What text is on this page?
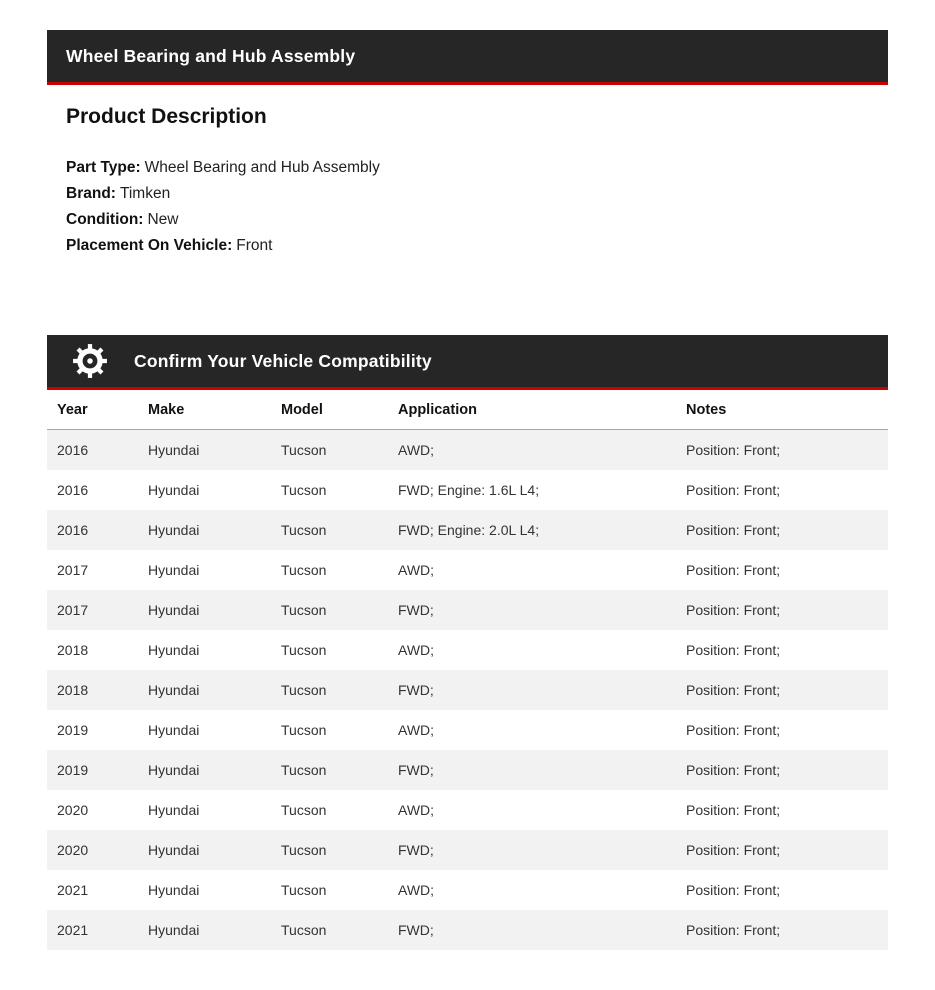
Wheel Bearing and Hub Assembly
Product Description

Part Type: Wheel Bearing and Hub Assembly

Brand: Timken

Condition: New

Placement On Vehicle: Front

Confirm Your Vehicle Compatibility
Year	Make	Model	Application	Notes
2016	Hyundai	Tucson	AWD;	Position: Front;
2016	Hyundai	Tucson	FWD; Engine: 1.6L L4;	Position: Front;
2016	Hyundai	Tucson	FWD; Engine: 2.0L L4;	Position: Front;
2017	Hyundai	Tucson	AWD;	Position: Front;
2017	Hyundai	Tucson	FWD;	Position: Front;
2018	Hyundai	Tucson	AWD;	Position: Front;
2018	Hyundai	Tucson	FWD;	Position: Front;
2019	Hyundai	Tucson	AWD;	Position: Front;
2019	Hyundai	Tucson	FWD;	Position: Front;
2020	Hyundai	Tucson	AWD;	Position: Front;
2020	Hyundai	Tucson	FWD;	Position: Front;
2021	Hyundai	Tucson	AWD;	Position: Front;
2021	Hyundai	Tucson	FWD;	Position: Front;
